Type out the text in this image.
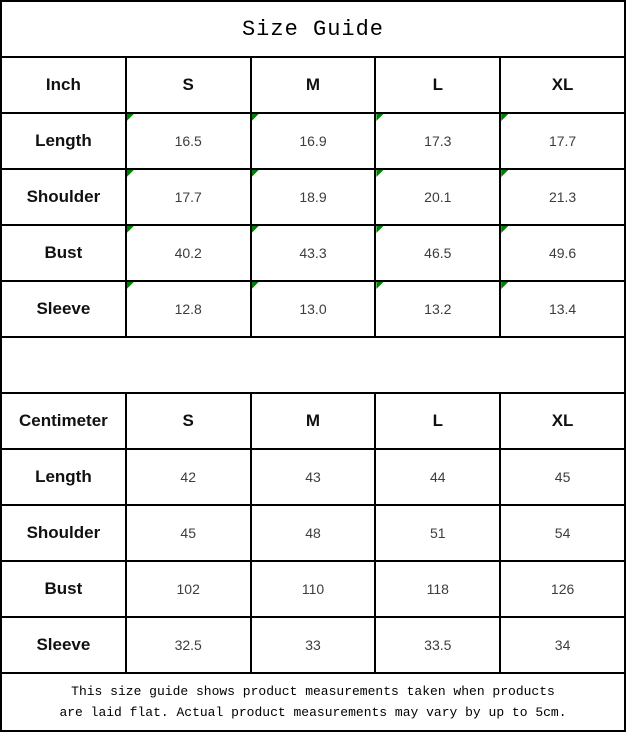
Size Guide				
Inch	S	M	L	XL
Length	16.5	16.9	17.3	17.7
Shoulder	17.7	18.9	20.1	21.3
Bust	40.2	43.3	46.5	49.6
Sleeve	12.8	13.0	13.2	13.4

Centimeter	S	M	L	XL
Length	42	43	44	45
Shoulder	45	48	51	54
Bust	102	110	118	126
Sleeve	32.5	33	33.5	34

This size guide shows product measurements taken when products
are laid flat. Actual product measurements may vary by up to 5cm.				
